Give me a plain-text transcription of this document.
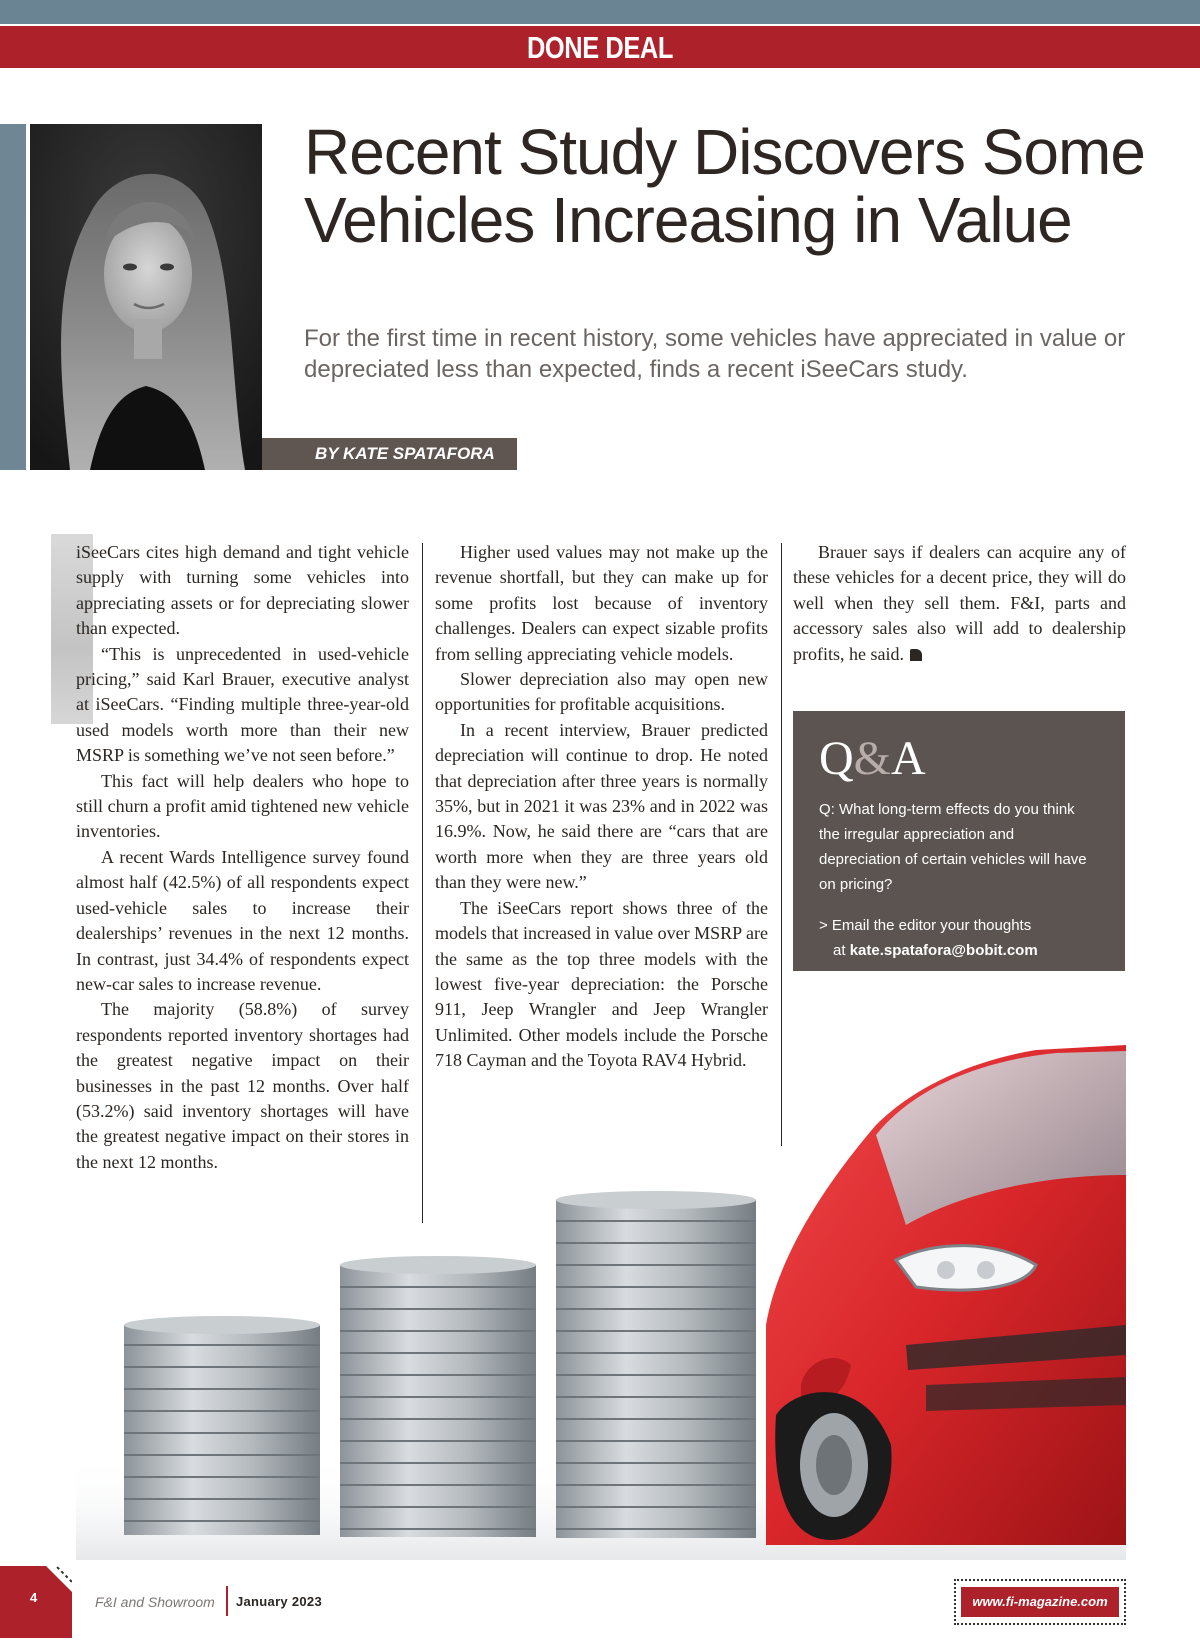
DONE DEAL
Recent Study Discovers Some Vehicles Increasing in Value
For the first time in recent history, some vehicles have appreciated in value or depreciated less than expected, finds a recent iSeeCars study.
BY KATE SPATAFORA

iSeeCars cites high demand and tight vehicle supply with turning some vehicles into appreciating assets or for depreciating slower than expected.

“This is unprecedented in used-vehicle pricing,” said Karl Brauer, executive analyst at iSeeCars. “Finding multiple three-year-old used models worth more than their new MSRP is something we’ve not seen before.”

This fact will help dealers who hope to still churn a profit amid tightened new vehicle inventories.

A recent Wards Intelligence survey found almost half (42.5%) of all respondents expect used-vehicle sales to increase their dealerships’ revenues in the next 12 months. In contrast, just 34.4% of respondents expect new-car sales to increase revenue.

The majority (58.8%) of survey respondents reported inventory shortages had the greatest negative impact on their businesses in the past 12 months. Over half (53.2%) said inventory shortages will have the greatest negative impact on their stores in the next 12 months.

Higher used values may not make up the revenue shortfall, but they can make up for some profits lost because of inventory challenges. Dealers can expect sizable profits from selling appreciating vehicle models.

Slower depreciation also may open new opportunities for profitable acquisitions.

In a recent interview, Brauer predicted depreciation will continue to drop. He noted that depreciation after three years is normally 35%, but in 2021 it was 23% and in 2022 was 16.9%. Now, he said there are “cars that are worth more when they are three years old than they were new.”

The iSeeCars report shows three of the models that increased in value over MSRP are the same as the top three models with the lowest five-year depreciation: the Porsche 911, Jeep Wrangler and Jeep Wrangler Unlimited. Other models include the Porsche 718 Cayman and the Toyota RAV4 Hybrid.

Brauer says if dealers can acquire any of these vehicles for a decent price, they will do well when they sell them. F&I, parts and accessory sales also will add to dealership profits, he said.

Q&A

Q: What long-term effects do you think the irregular appreciation and depreciation of certain vehicles will have on pricing?

> Email the editor your thoughts
at kate.spatafora@bobit.com
4	F&I and Showroom January 2023	www.fi-magazine.com
